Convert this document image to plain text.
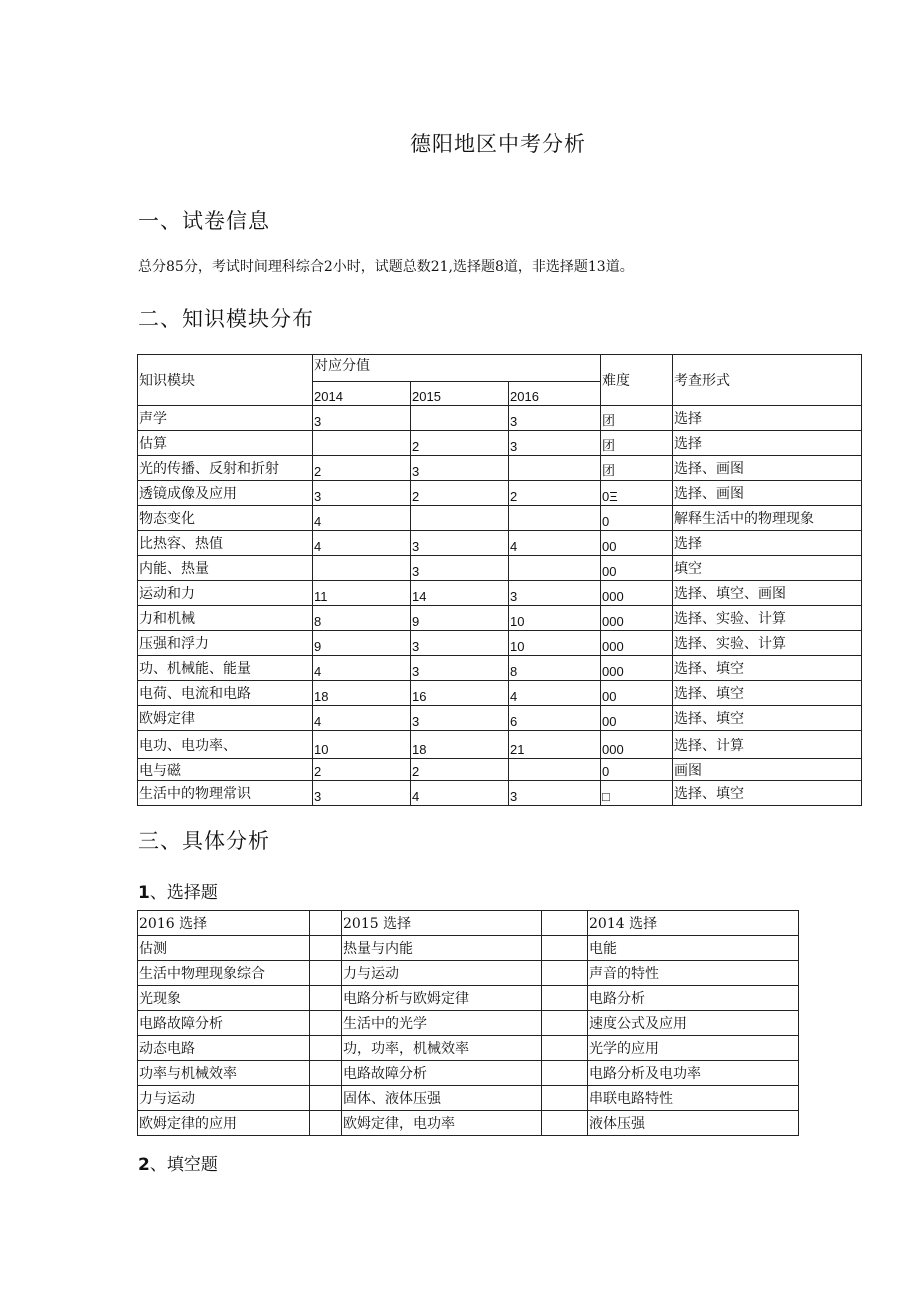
德阳地区中考分析
一、试卷信息
总分85分，考试时间理科综合2小时，试题总数21,选择题8道，非选择题13道。
二、知识模块分布
知识模块	对应分值			难度	考查形式
	2014	2015	2016		
声学	3		3	团	选择
估算		2	3	团	选择
光的传播、反射和折射	2	3		团	选择、画图
透镜成像及应用	3	2	2	0Ξ	选择、画图
物态变化	4			0	解释生活中的物理现象
比热容、热值	4	3	4	00	选择
内能、热量		3		00	填空
运动和力	11	14	3	000	选择、填空、画图
力和机械	8	9	10	000	选择、实验、计算
压强和浮力	9	3	10	000	选择、实验、计算
功、机械能、能量	4	3	8	000	选择、填空
电荷、电流和电路	18	16	4	00	选择、填空
欧姆定律	4	3	6	00	选择、填空
电功、电功率、	10	18	21	000	选择、计算
电与磁	2	2		0	画图
生活中的物理常识	3	4	3	□	选择、填空
三、具体分析
1、选择题
2016 选择		2015 选择		2014 选择
估测		热量与内能		电能
生活中物理现象综合		力与运动		声音的特性
光现象		电路分析与欧姆定律		电路分析
电路故障分析		生活中的光学		速度公式及应用
动态电路		功，功率，机械效率		光学的应用
功率与机械效率		电路故障分析		电路分析及电功率
力与运动		固体、液体压强		串联电路特性
欧姆定律的应用		欧姆定律，电功率		液体压强
2、填空题
